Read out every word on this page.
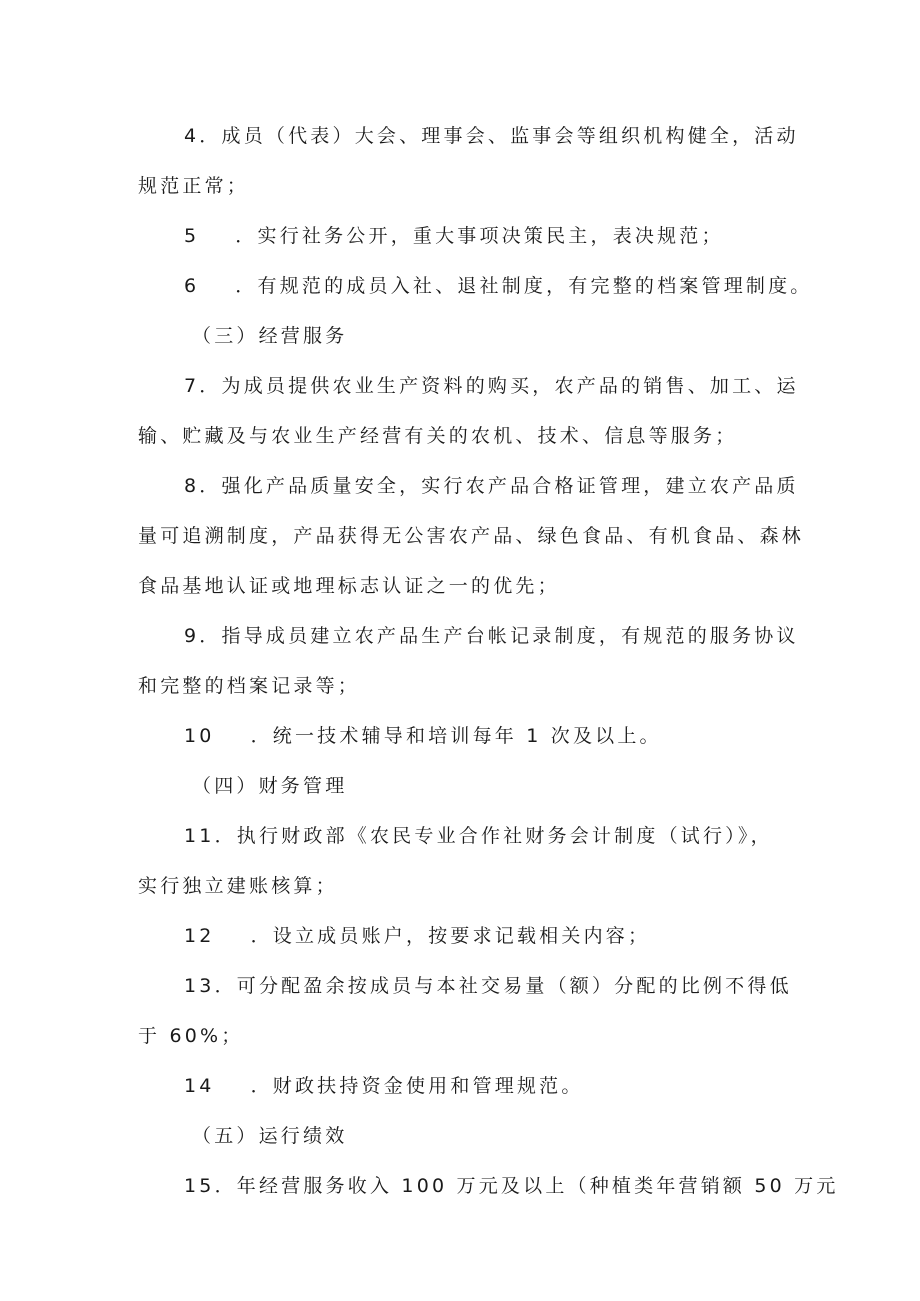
4．成员（代表）大会、理事会、监事会等组织机构健全，活动
规范正常；
5 ．实行社务公开，重大事项决策民主，表决规范；
6 ．有规范的成员入社、退社制度，有完整的档案管理制度。
（三）经营服务
7．为成员提供农业生产资料的购买，农产品的销售、加工、运
输、贮藏及与农业生产经营有关的农机、技术、信息等服务；
8．强化产品质量安全，实行农产品合格证管理，建立农产品质
量可追溯制度，产品获得无公害农产品、绿色食品、有机食品、森林
食品基地认证或地理标志认证之一的优先；
9．指导成员建立农产品生产台帐记录制度，有规范的服务协议
和完整的档案记录等；
10 ．统一技术辅导和培训每年 1 次及以上。
（四）财务管理
11．执行财政部《农民专业合作社财务会计制度（试行）》，
实行独立建账核算；
12 ．设立成员账户，按要求记载相关内容；
13．可分配盈余按成员与本社交易量（额）分配的比例不得低
于 60%；
14 ．财政扶持资金使用和管理规范。
（五）运行绩效
15．年经营服务收入 100 万元及以上（种植类年营销额 50 万元
